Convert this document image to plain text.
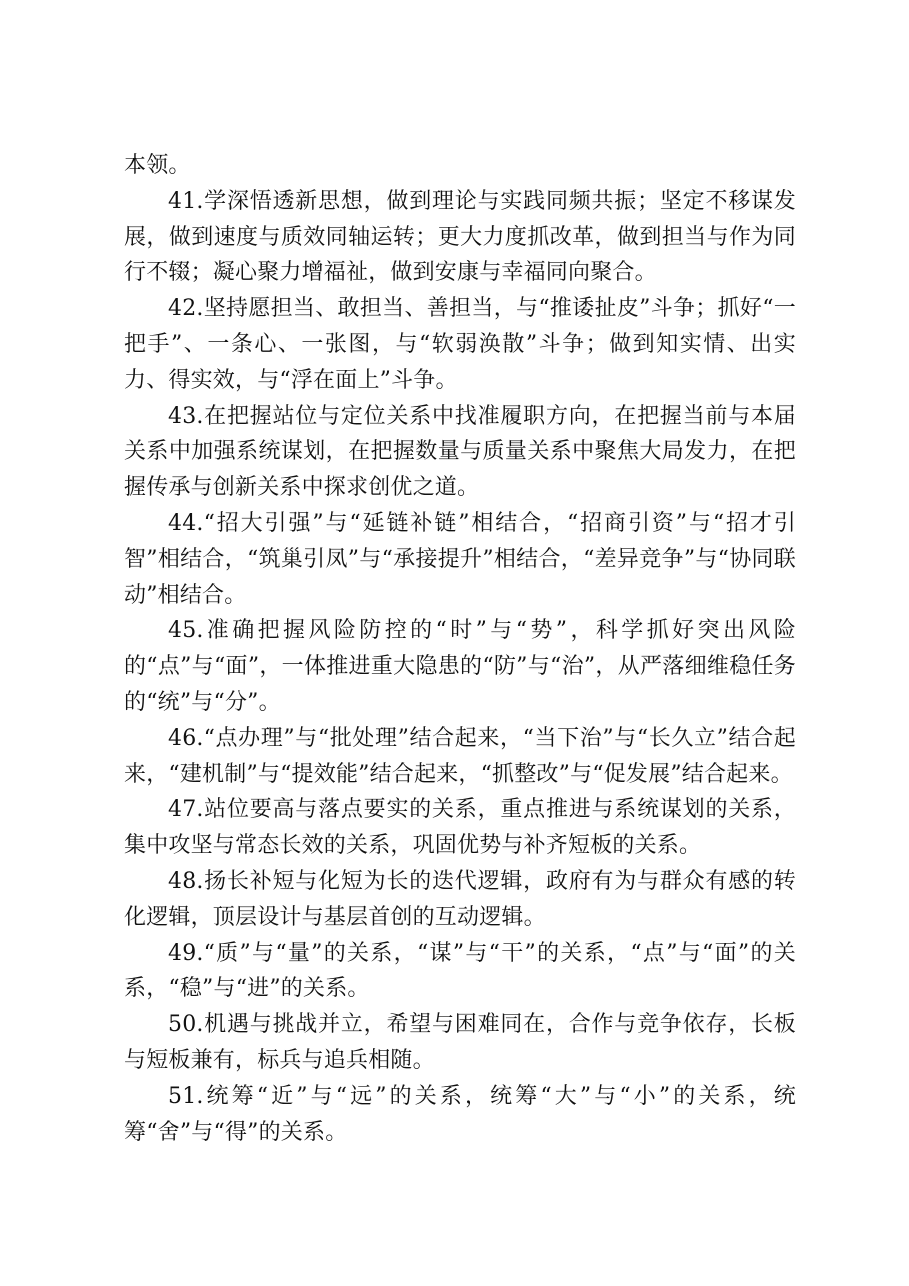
本领。

41.学深悟透新思想，做到理论与实践同频共振；坚定不移谋发展，做到速度与质效同轴运转；更大力度抓改革，做到担当与作为同行不辍；凝心聚力增福祉，做到安康与幸福同向聚合。

42.坚持愿担当、敢担当、善担当，与“推诿扯皮”斗争；抓好“一把手”、一条心、一张图，与“软弱涣散”斗争；做到知实情、出实力、得实效，与“浮在面上”斗争。

43.在把握站位与定位关系中找准履职方向，在把握当前与本届关系中加强系统谋划，在把握数量与质量关系中聚焦大局发力，在把握传承与创新关系中探求创优之道。

44.“招大引强”与“延链补链”相结合，“招商引资”与“招才引智”相结合，“筑巢引凤”与“承接提升”相结合，“差异竞争”与“协同联动”相结合。

45.准确把握风险防控的“时”与“势”，科学抓好突出风险的“点”与“面”，一体推进重大隐患的“防”与“治”，从严落细维稳任务的“统”与“分”。

46.“点办理”与“批处理”结合起来，“当下治”与“长久立”结合起来，“建机制”与“提效能”结合起来，“抓整改”与“促发展”结合起来。

47.站位要高与落点要实的关系，重点推进与系统谋划的关系，集中攻坚与常态长效的关系，巩固优势与补齐短板的关系。

48.扬长补短与化短为长的迭代逻辑，政府有为与群众有感的转化逻辑，顶层设计与基层首创的互动逻辑。

49.“质”与“量”的关系，“谋”与“干”的关系，“点”与“面”的关系，“稳”与“进”的关系。

50.机遇与挑战并立，希望与困难同在，合作与竞争依存，长板与短板兼有，标兵与追兵相随。

51.统筹“近”与“远”的关系，统筹“大”与“小”的关系，统筹“舍”与“得”的关系。
